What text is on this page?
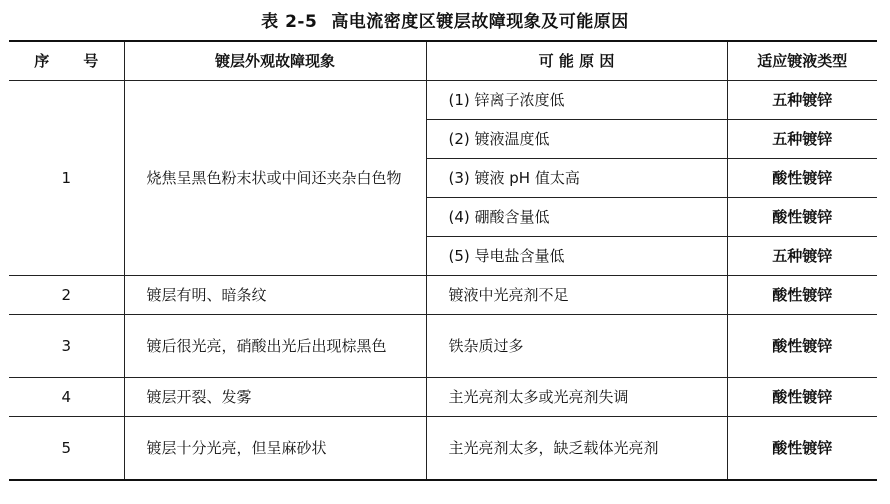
表 2-5 高电流密度区镀层故障现象及可能原因
序 号	镀层外观故障现象	可 能 原 因	适应镀液类型
1	烧焦呈黑色粉末状或中间还夹杂白色物	(1) 锌离子浓度低	五种镀锌
		(2) 镀液温度低	五种镀锌
		(3) 镀液 pH 值太高	酸性镀锌
		(4) 硼酸含量低	酸性镀锌
		(5) 导电盐含量低	五种镀锌
2	镀层有明、暗条纹	镀液中光亮剂不足	酸性镀锌
3	镀后很光亮，硝酸出光后出现棕黑色	铁杂质过多	酸性镀锌
4	镀层开裂、发雾	主光亮剂太多或光亮剂失调	酸性镀锌
5	镀层十分光亮，但呈麻砂状	主光亮剂太多，缺乏载体光亮剂	酸性镀锌
